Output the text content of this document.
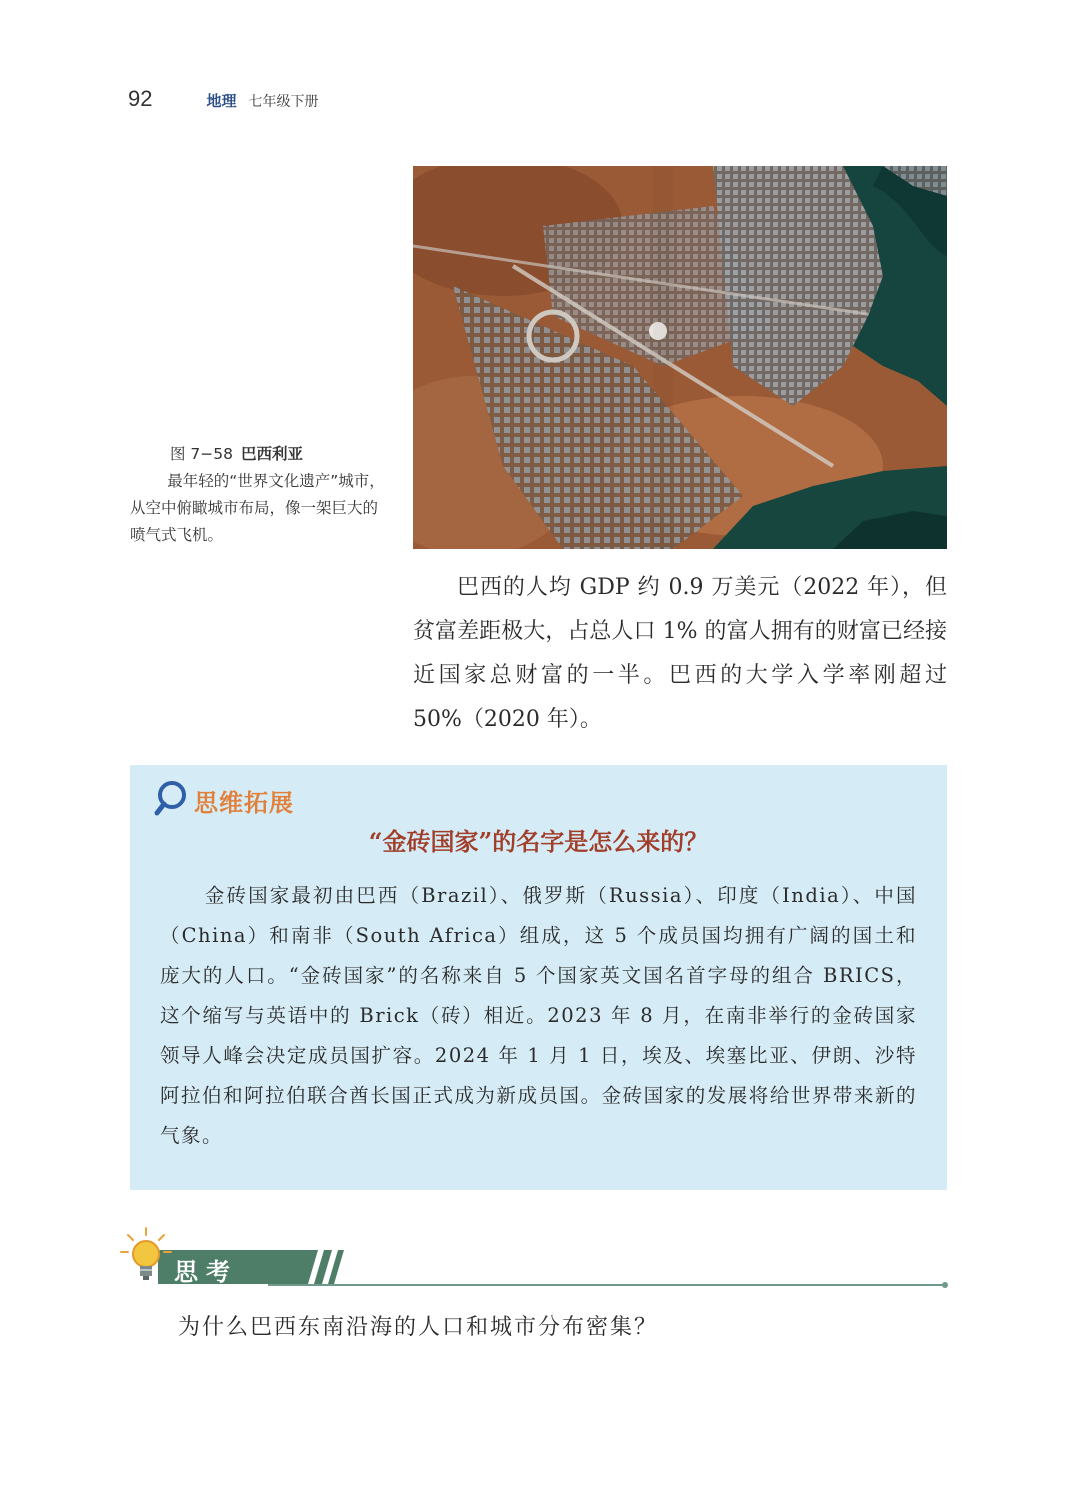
92	地理 七年级下册
图 7−58 巴西利亚

最年轻的“世界文化遗产”城市，从空中俯瞰城市布局，像一架巨大的喷气式飞机。

巴西的人均 GDP 约 0.9 万美元（2022 年），但贫富差距极大，占总人口 1% 的富人拥有的财富已经接近国家总财富的一半。巴西的大学入学率刚超过 50%（2020 年）。

思维拓展
“金砖国家”的名字是怎么来的？

金砖国家最初由巴西（Brazil）、俄罗斯（Russia）、印度（India）、中国（China）和南非（South Africa）组成，这 5 个成员国均拥有广阔的国土和庞大的人口。“金砖国家”的名称来自 5 个国家英文国名首字母的组合 BRICS，这个缩写与英语中的 Brick（砖）相近。2023 年 8 月，在南非举行的金砖国家领导人峰会决定成员国扩容。2024 年 1 月 1 日，埃及、埃塞比亚、伊朗、沙特阿拉伯和阿拉伯联合酋长国正式成为新成员国。金砖国家的发展将给世界带来新的气象。

思考

为什么巴西东南沿海的人口和城市分布密集？
